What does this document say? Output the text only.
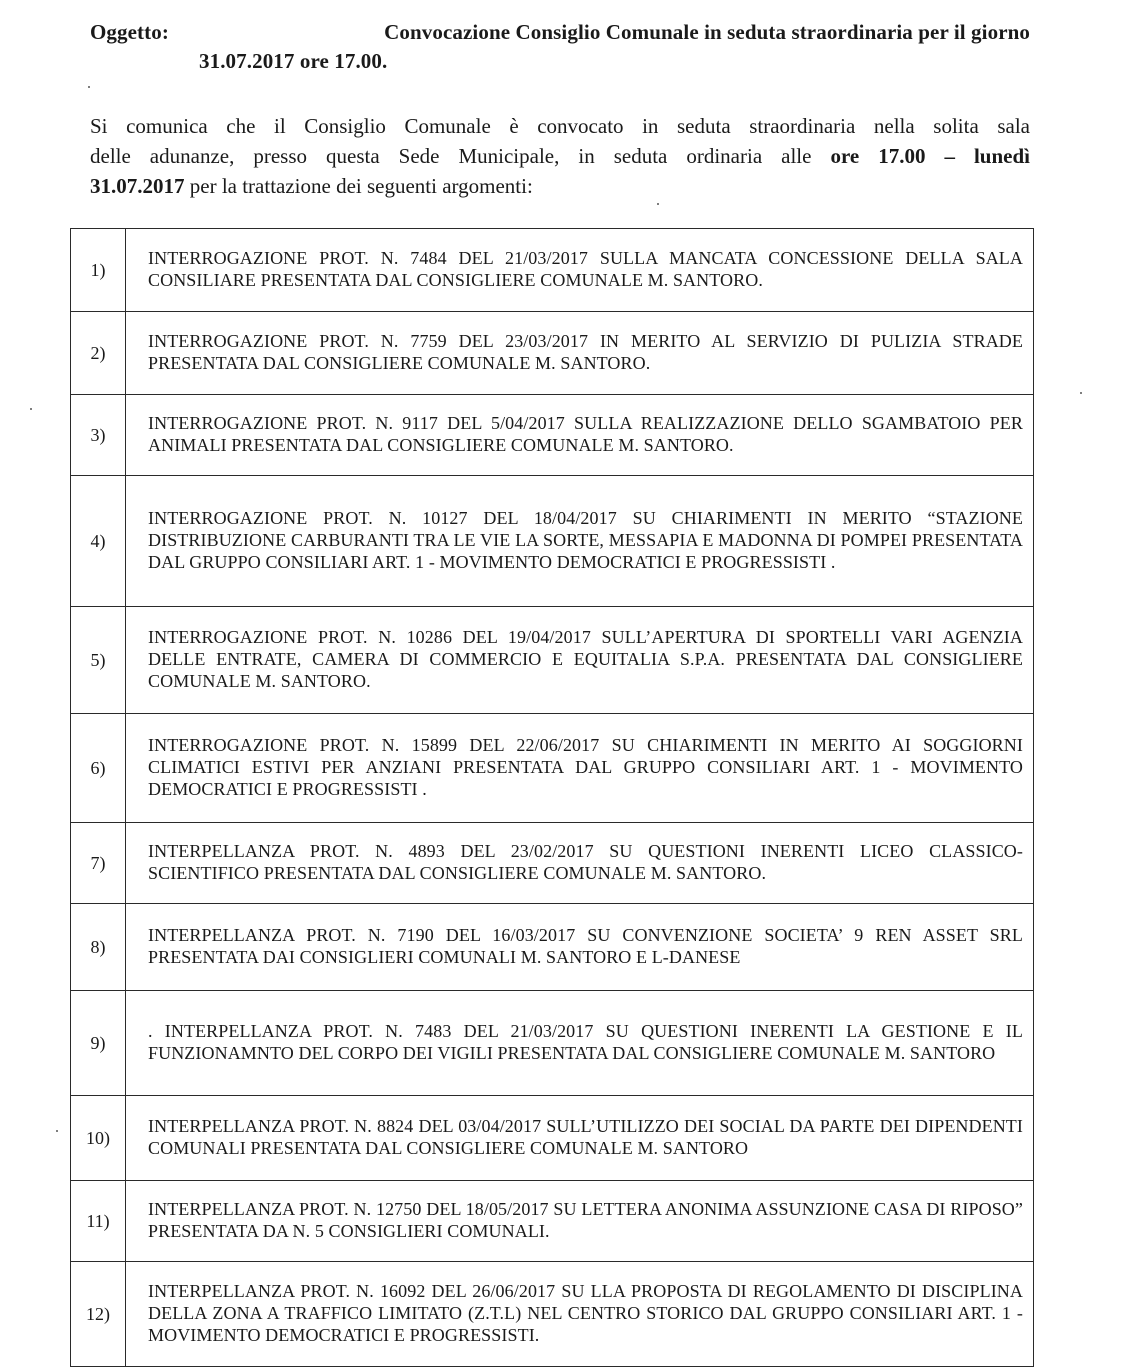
Oggetto:	Convocazione Consiglio Comunale in seduta straordinaria per il giorno
31.07.2017 ore 17.00.

Si comunica che il Consiglio Comunale è convocato in seduta straordinaria nella solita sala

delle adunanze, presso questa Sede Municipale, in seduta ordinaria alle ore 17.00 – lunedì

31.07.2017 per la trattazione dei seguenti argomenti:

1)	INTERROGAZIONE PROT. N. 7484 DEL 21/03/2017 SULLA MANCATA CONCESSIONE DELLA SALA CONSILIARE PRESENTATA DAL CONSIGLIERE COMUNALE M. SANTORO.
2)	INTERROGAZIONE PROT. N. 7759 DEL 23/03/2017 IN MERITO AL SERVIZIO DI PULIZIA STRADE PRESENTATA DAL CONSIGLIERE COMUNALE M. SANTORO.
3)	INTERROGAZIONE PROT. N. 9117 DEL 5/04/2017 SULLA REALIZZAZIONE DELLO SGAMBATOIO PER ANIMALI PRESENTATA DAL CONSIGLIERE COMUNALE M. SANTORO.
4)	INTERROGAZIONE PROT. N. 10127 DEL 18/04/2017 SU CHIARIMENTI IN MERITO “STAZIONE DISTRIBUZIONE CARBURANTI TRA LE VIE LA SORTE, MESSAPIA E MADONNA DI POMPEI PRESENTATA DAL GRUPPO CONSILIARI ART. 1 - MOVIMENTO DEMOCRATICI E PROGRESSISTI .
5)	INTERROGAZIONE PROT. N. 10286 DEL 19/04/2017 SULL’APERTURA DI SPORTELLI VARI AGENZIA DELLE ENTRATE, CAMERA DI COMMERCIO E EQUITALIA S.P.A. PRESENTATA DAL CONSIGLIERE COMUNALE M. SANTORO.
6)	INTERROGAZIONE PROT. N. 15899 DEL 22/06/2017 SU CHIARIMENTI IN MERITO AI SOGGIORNI CLIMATICI ESTIVI PER ANZIANI PRESENTATA DAL GRUPPO CONSILIARI ART. 1 - MOVIMENTO DEMOCRATICI E PROGRESSISTI .
7)	INTERPELLANZA PROT. N. 4893 DEL 23/02/2017 SU QUESTIONI INERENTI LICEO CLASSICO-SCIENTIFICO PRESENTATA DAL CONSIGLIERE COMUNALE M. SANTORO.
8)	INTERPELLANZA PROT. N. 7190 DEL 16/03/2017 SU CONVENZIONE SOCIETA’ 9 REN ASSET SRL PRESENTATA DAI CONSIGLIERI COMUNALI M. SANTORO E L-DANESE
9)	. INTERPELLANZA PROT. N. 7483 DEL 21/03/2017 SU QUESTIONI INERENTI LA GESTIONE E IL FUNZIONAMNTO DEL CORPO DEI VIGILI PRESENTATA DAL CONSIGLIERE COMUNALE M. SANTORO
10)	INTERPELLANZA PROT. N. 8824 DEL 03/04/2017 SULL’UTILIZZO DEI SOCIAL DA PARTE DEI DIPENDENTI COMUNALI PRESENTATA DAL CONSIGLIERE COMUNALE M. SANTORO
11)	INTERPELLANZA PROT. N. 12750 DEL 18/05/2017 SU LETTERA ANONIMA ASSUNZIONE CASA DI RIPOSO” PRESENTATA DA N. 5 CONSIGLIERI COMUNALI.
12)	INTERPELLANZA PROT. N. 16092 DEL 26/06/2017 SU LLA PROPOSTA DI REGOLAMENTO DI DISCIPLINA DELLA ZONA A TRAFFICO LIMITATO (Z.T.L) NEL CENTRO STORICO DAL GRUPPO CONSILIARI ART. 1 - MOVIMENTO DEMOCRATICI E PROGRESSISTI.
